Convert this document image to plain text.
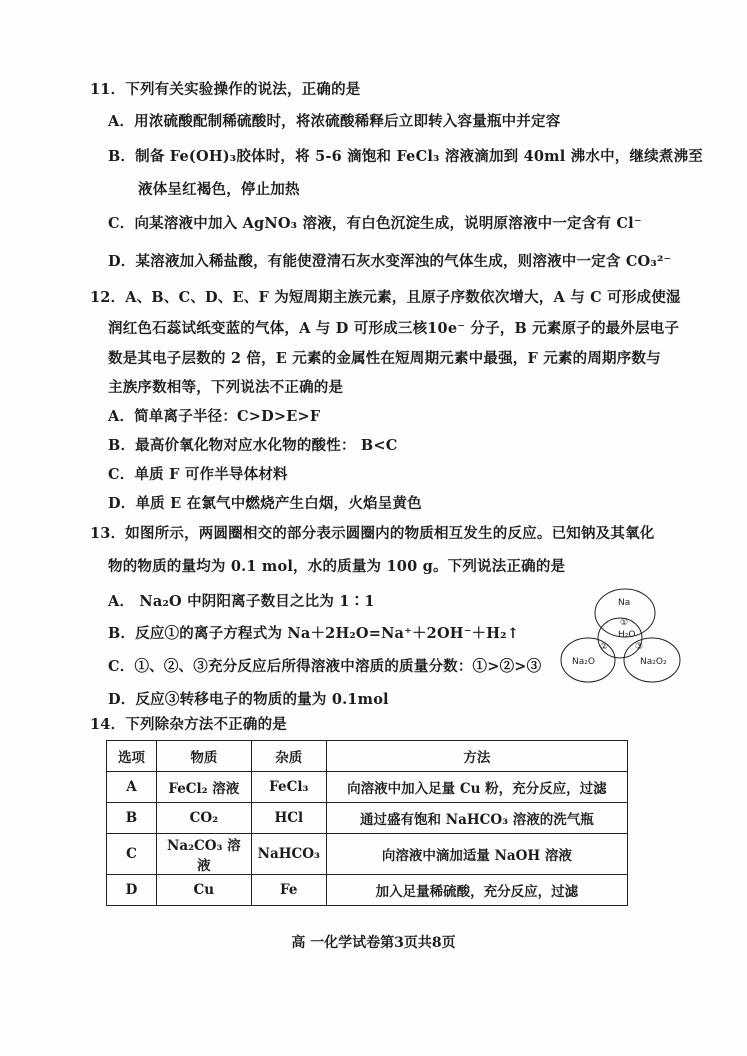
11．下列有关实验操作的说法，正确的是
A．用浓硫酸配制稀硫酸时，将浓硫酸稀释后立即转入容量瓶中并定容
B．制备 Fe(OH)₃胶体时，将 5-6 滴饱和 FeCl₃ 溶液滴加到 40ml 沸水中，继续煮沸至
液体呈红褐色，停止加热
C．向某溶液中加入 AgNO₃ 溶液，有白色沉淀生成，说明原溶液中一定含有 Cl⁻
D．某溶液加入稀盐酸，有能使澄清石灰水变浑浊的气体生成，则溶液中一定含 CO₃²⁻
12．A、B、C、D、E、F 为短周期主族元素，且原子序数依次增大，A 与 C 可形成使湿
润红色石蕊试纸变蓝的气体，A 与 D 可形成三核10e⁻ 分子，B 元素原子的最外层电子
数是其电子层数的 2 倍，E 元素的金属性在短周期元素中最强，F 元素的周期序数与
主族序数相等，下列说法不正确的是
A．简单离子半径：C>D>E>F
B．最高价氧化物对应水化物的酸性： B<C
C．单质 F 可作半导体材料
D．单质 E 在氯气中燃烧产生白烟，火焰呈黄色
13．如图所示，两圆圈相交的部分表示圆圈内的物质相互发生的反应。已知钠及其氧化
物的物质的量均为 0.1 mol，水的质量为 100 g。下列说法正确的是
A． Na₂O 中阴阳离子数目之比为 1∶1
B．反应①的离子方程式为 Na＋2H₂O=Na⁺＋2OH⁻＋H₂↑
C．①、②、③充分反应后所得溶液中溶质的质量分数：①>②>③
D．反应③转移电子的物质的量为 0.1mol
Na
H₂O
Na₂O	Na₂O₂
①
②	③
14．下列除杂方法不正确的是
选项	物质	杂质	方法
A	FeCl₂ 溶液	FeCl₃	向溶液中加入足量 Cu 粉，充分反应，过滤
B	CO₂	HCl	通过盛有饱和 NaHCO₃ 溶液的洗气瓶
C	Na₂CO₃ 溶液	NaHCO₃	向溶液中滴加适量 NaOH 溶液
D	Cu	Fe	加入足量稀硫酸，充分反应，过滤
高 一化学试卷第3页共8页
